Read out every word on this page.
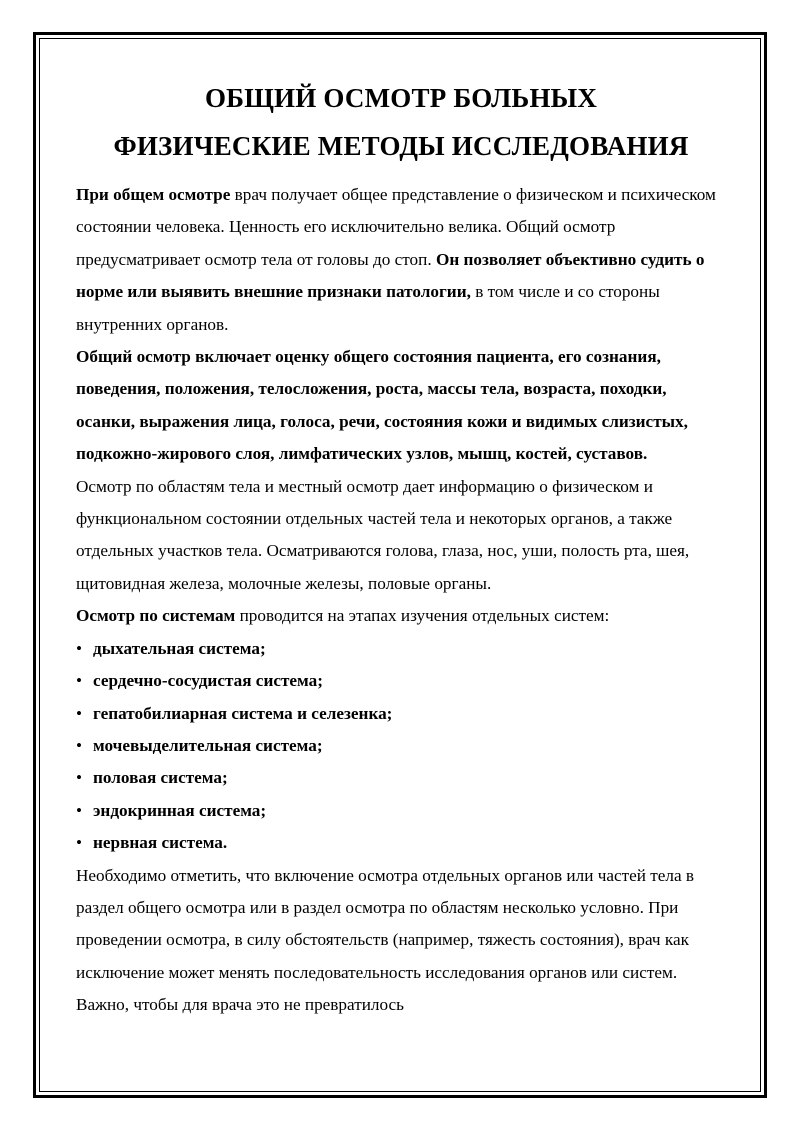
ОБЩИЙ ОСМОТР БОЛЬНЫХ
ФИЗИЧЕСКИЕ МЕТОДЫ ИССЛЕДОВАНИЯ

При общем осмотре врач получает общее представление о физическом и психическом состоянии человека. Ценность его исключительно велика. Общий осмотр предусматривает осмотр тела от головы до стоп. Он позволяет объективно судить о норме или выявить внешние признаки патологии, в том числе и со стороны внутренних органов.

Общий осмотр включает оценку общего состояния пациента, его сознания, поведения, положения, телосложения, роста, массы тела, возраста, походки, осанки, выражения лица, голоса, речи, состояния кожи и видимых слизистых, подкожно-жирового слоя, лимфатических узлов, мышц, костей, суставов.

Осмотр по областям тела и местный осмотр дает информацию о физическом и функциональном состоянии отдельных частей тела и некоторых органов, а также отдельных участков тела. Осматриваются голова, глаза, нос, уши, полость рта, шея, щитовидная железа, молочные железы, половые органы.

Осмотр по системам проводится на этапах изучения отдельных систем:

• дыхательная система;
• сердечно-сосудистая система;
• гепатобилиарная система и селезенка;
• мочевыделительная система;
• половая система;
• эндокринная система;
• нервная система.

Необходимо отметить, что включение осмотра отдельных органов или частей тела в раздел общего осмотра или в раздел осмотра по областям несколько условно. При проведении осмотра, в силу обстоятельств (например, тяжесть состояния), врач как исключение может менять последовательность исследования органов или систем. Важно, чтобы для врача это не превратилось
